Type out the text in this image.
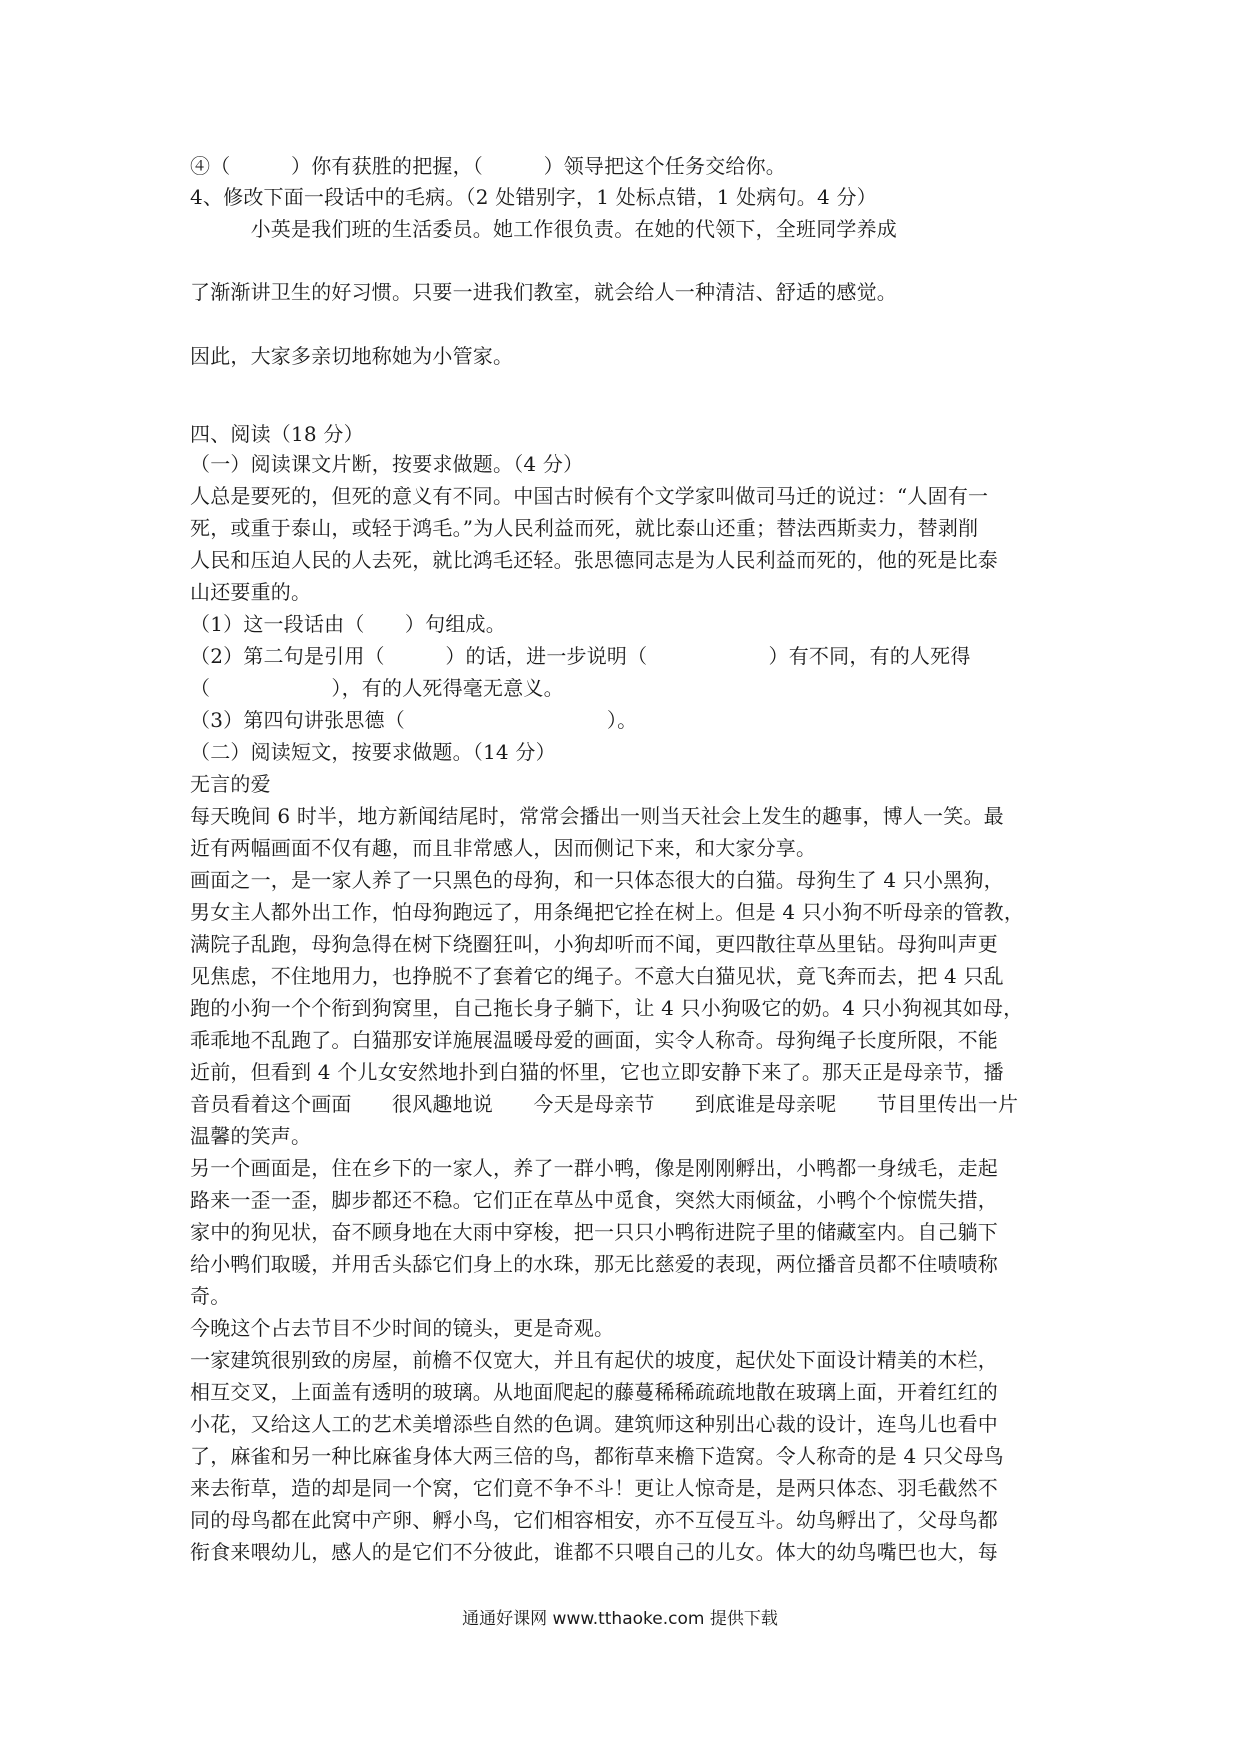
④（　　　）你有获胜的把握，（　　　）领导把这个任务交给你。
4、修改下面一段话中的毛病。（2 处错别字，1 处标点错，1 处病句。4 分）
　　　小英是我们班的生活委员。她工作很负责。在她的代领下，全班同学养成
了渐渐讲卫生的好习惯。只要一进我们教室，就会给人一种清洁、舒适的感觉。
因此，大家多亲切地称她为小管家。
四、阅读（18 分）
（一）阅读课文片断，按要求做题。（4 分）
人总是要死的，但死的意义有不同。中国古时候有个文学家叫做司马迁的说过：“人固有一
死，或重于泰山，或轻于鸿毛。”为人民利益而死，就比泰山还重；替法西斯卖力，替剥削
人民和压迫人民的人去死，就比鸿毛还轻。张思德同志是为人民利益而死的，他的死是比泰
山还要重的。
（1）这一段话由（　　）句组成。
（2）第二句是引用（　　　）的话，进一步说明（　　　　　　）有不同，有的人死得
（　　　　　　），有的人死得毫无意义。
（3）第四句讲张思德（　　　　　　　　　　）。
（二）阅读短文，按要求做题。（14 分）
无言的爱
每天晚间 6 时半，地方新闻结尾时，常常会播出一则当天社会上发生的趣事，博人一笑。最
近有两幅画面不仅有趣，而且非常感人，因而侧记下来，和大家分享。
画面之一，是一家人养了一只黑色的母狗，和一只体态很大的白猫。母狗生了 4 只小黑狗，
男女主人都外出工作，怕母狗跑远了，用条绳把它拴在树上。但是 4 只小狗不听母亲的管教，
满院子乱跑，母狗急得在树下绕圈狂叫，小狗却听而不闻，更四散往草丛里钻。母狗叫声更
见焦虑，不住地用力，也挣脱不了套着它的绳子。不意大白猫见状，竟飞奔而去，把 4 只乱
跑的小狗一个个衔到狗窝里，自己拖长身子躺下，让 4 只小狗吸它的奶。4 只小狗视其如母，
乖乖地不乱跑了。白猫那安详施展温暖母爱的画面，实令人称奇。母狗绳子长度所限，不能
近前，但看到 4 个儿女安然地扑到白猫的怀里，它也立即安静下来了。那天正是母亲节，播
音员看着这个画面　　很风趣地说　　今天是母亲节　　到底谁是母亲呢　　节目里传出一片
温馨的笑声。
另一个画面是，住在乡下的一家人，养了一群小鸭，像是刚刚孵出，小鸭都一身绒毛，走起
路来一歪一歪，脚步都还不稳。它们正在草丛中觅食，突然大雨倾盆，小鸭个个惊慌失措，
家中的狗见状，奋不顾身地在大雨中穿梭，把一只只小鸭衔进院子里的储藏室内。自己躺下
给小鸭们取暖，并用舌头舔它们身上的水珠，那无比慈爱的表现，两位播音员都不住啧啧称
奇。
今晚这个占去节目不少时间的镜头，更是奇观。
一家建筑很别致的房屋，前檐不仅宽大，并且有起伏的坡度，起伏处下面设计精美的木栏，
相互交叉，上面盖有透明的玻璃。从地面爬起的藤蔓稀稀疏疏地散在玻璃上面，开着红红的
小花，又给这人工的艺术美增添些自然的色调。建筑师这种别出心裁的设计，连鸟儿也看中
了，麻雀和另一种比麻雀身体大两三倍的鸟，都衔草来檐下造窝。令人称奇的是 4 只父母鸟
来去衔草，造的却是同一个窝，它们竟不争不斗！更让人惊奇是，是两只体态、羽毛截然不
同的母鸟都在此窝中产卵、孵小鸟，它们相容相安，亦不互侵互斗。幼鸟孵出了，父母鸟都
衔食来喂幼儿，感人的是它们不分彼此，谁都不只喂自己的儿女。体大的幼鸟嘴巴也大，每
通通好课网 www.tthaoke.com 提供下载
